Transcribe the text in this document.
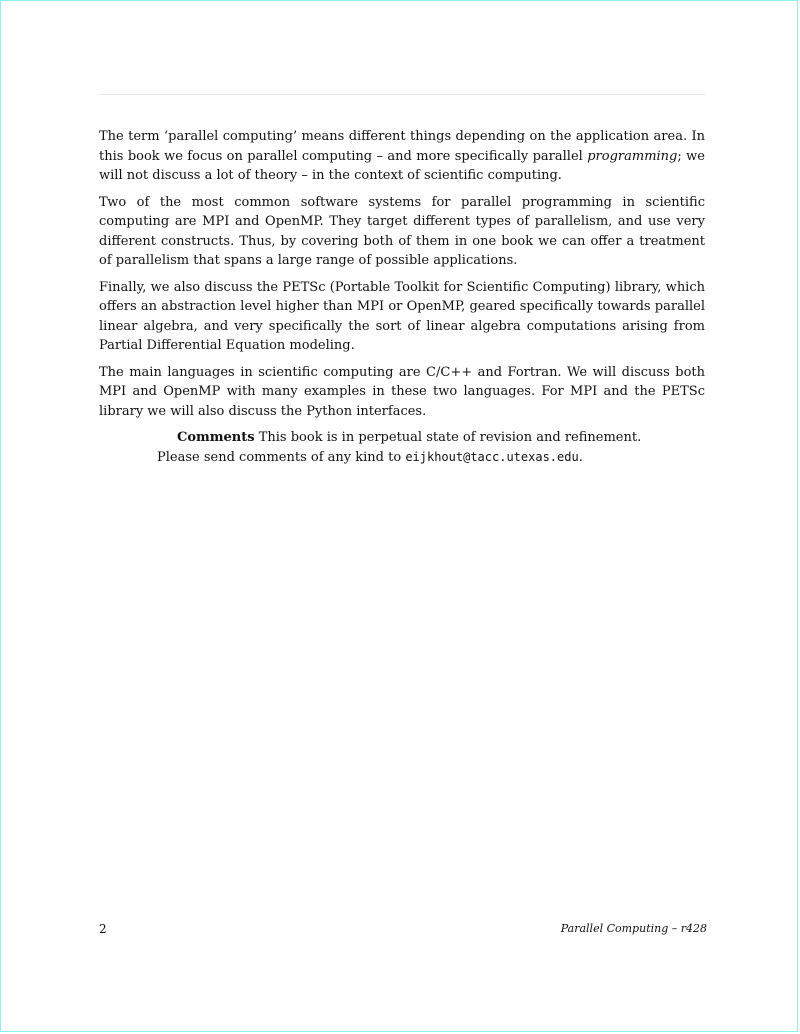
The term ‘parallel computing’ means different things depending on the application area. In this book we focus on parallel computing – and more specifically parallel programming; we will not discuss a lot of theory – in the context of scientific computing.

Two of the most common software systems for parallel programming in scientific computing are MPI and OpenMP. They target different types of parallelism, and use very different constructs. Thus, by covering both of them in one book we can offer a treatment of parallelism that spans a large range of possible applications.

Finally, we also discuss the PETSc (Portable Toolkit for Scientific Computing) library, which offers an abstraction level higher than MPI or OpenMP, geared specifically towards parallel linear algebra, and very specifically the sort of linear algebra computations arising from Partial Differential Equation modeling.

The main languages in scientific computing are C/C++ and Fortran. We will discuss both MPI and OpenMP with many examples in these two languages. For MPI and the PETSc library we will also discuss the Python interfaces.

Comments This book is in perpetual state of revision and refinement. Please send comments of any kind to eijkhout@tacc.utexas.edu.
2	Parallel Computing – r428
